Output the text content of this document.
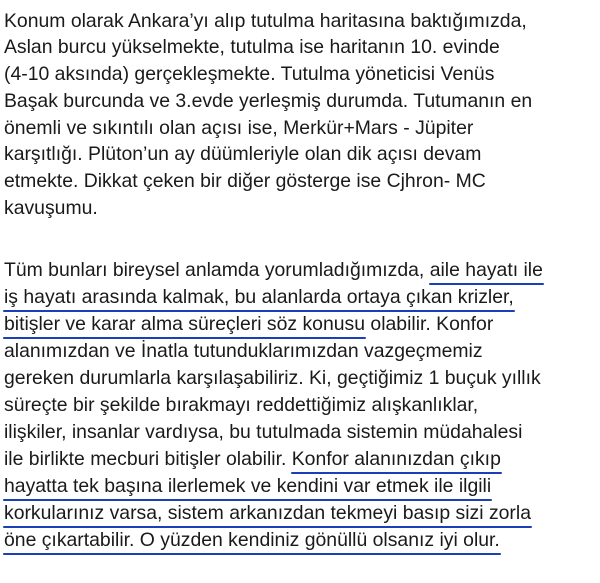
Konum olarak Ankara’yı alıp tutulma haritasına baktığımızda,
Aslan burcu yükselmekte, tutulma ise haritanın 10. evinde
(4-10 aksında) gerçekleşmekte. Tutulma yöneticisi Venüs
Başak burcunda ve 3.evde yerleşmiş durumda. Tutumanın en
önemli ve sıkıntılı olan açısı ise, Merkür+Mars - Jüpiter
karşıtlığı. Plüton’un ay düümleriyle olan dik açısı devam
etmekte. Dikkat çeken bir diğer gösterge ise Cjhron- MC
kavuşumu.
Tüm bunları bireysel anlamda yorumladığımızda, aile hayatı ile
iş hayatı arasında kalmak, bu alanlarda ortaya çıkan krizler,
bitişler ve karar alma süreçleri söz konusu olabilir. Konfor
alanımızdan ve İnatla tutunduklarımızdan vazgeçmemiz
gereken durumlarla karşılaşabiliriz. Ki, geçtiğimiz 1 buçuk yıllık
süreçte bir şekilde bırakmayı reddettiğimiz alışkanlıklar,
ilişkiler, insanlar vardıysa, bu tutulmada sistemin müdahalesi
ile birlikte mecburi bitişler olabilir. Konfor alanınızdan çıkıp
hayatta tek başına ilerlemek ve kendini var etmek ile ilgili
korkularınız varsa, sistem arkanızdan tekmeyi basıp sizi zorla
öne çıkartabilir. O yüzden kendiniz gönüllü olsanız iyi olur.
